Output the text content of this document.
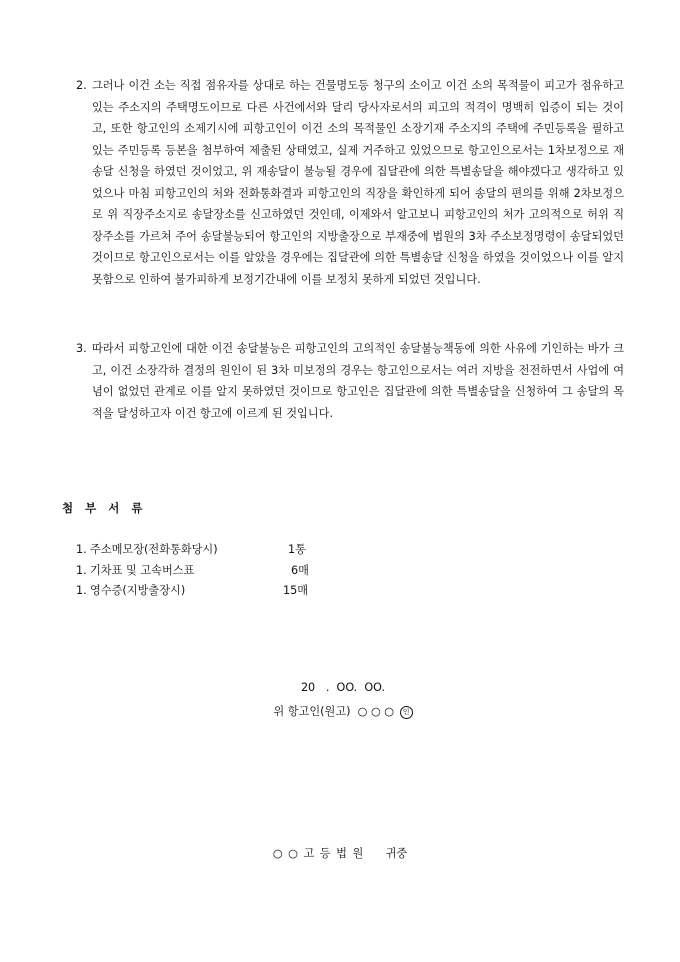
2. 그러나 이건 소는 직접 점유자를 상대로 하는 건물명도등 청구의 소이고 이건 소의 목적물이 피고가 점유하고 있는 주소지의 주택명도이므로 다른 사건에서와 달리 당사자로서의 피고의 적격이 명백히 입증이 되는 것이고, 또한 항고인의 소제기시에 피항고인이 이건 소의 목적물인 소장기재 주소지의 주택에 주민등록을 필하고 있는 주민등록 등본을 첨부하여 제출된 상태였고, 실제 거주하고 있었으므로 항고인으로서는 1차보정으로 재송달 신청을 하였던 것이었고, 위 재송달이 불능될 경우에 집달관에 의한 특별송달을 해야겠다고 생각하고 있었으나 마침 피항고인의 처와 전화통화결과 피항고인의 직장을 확인하게 되어 송달의 편의를 위해 2차보정으로 위 직장주소지로 송달장소를 신고하였던 것인데, 이제와서 알고보니 피항고인의 처가 고의적으로 허위 직장주소를 가르쳐 주어 송달불능되어 항고인의 지방출장으로 부재중에 법원의 3차 주소보정명령이 송달되었던 것이므로 항고인으로서는 이를 알았을 경우에는 집달관에 의한 특별송달 신청을 하였을 것이었으나 이를 알지 못함으로 인하여 불가피하게 보정기간내에 이를 보정치 못하게 되었던 것입니다.
3. 따라서 피항고인에 대한 이건 송달불능은 피항고인의 고의적인 송달불능책동에 의한 사유에 기인하는 바가 크고, 이건 소장각하 결정의 원인이 된 3차 미보정의 경우는 항고인으로서는 여러 지방을 전전하면서 사업에 여념이 없었던 관계로 이를 알지 못하였던 것이므로 항고인은 집달관에 의한 특별송달을 신청하여 그 송달의 목적을 달성하고자 이건 항고에 이르게 된 것입니다.
첨 부 서 류
1. 주소메모장(전화통화당시)	1통
1. 기차표 및 고속버스표	6매
1. 영수증(지방출장시)	15매
20   .  OO.  OO.
위 항고인(원고)  ○ ○ ○ 인
○ ○ 고 등 법 원    귀중
